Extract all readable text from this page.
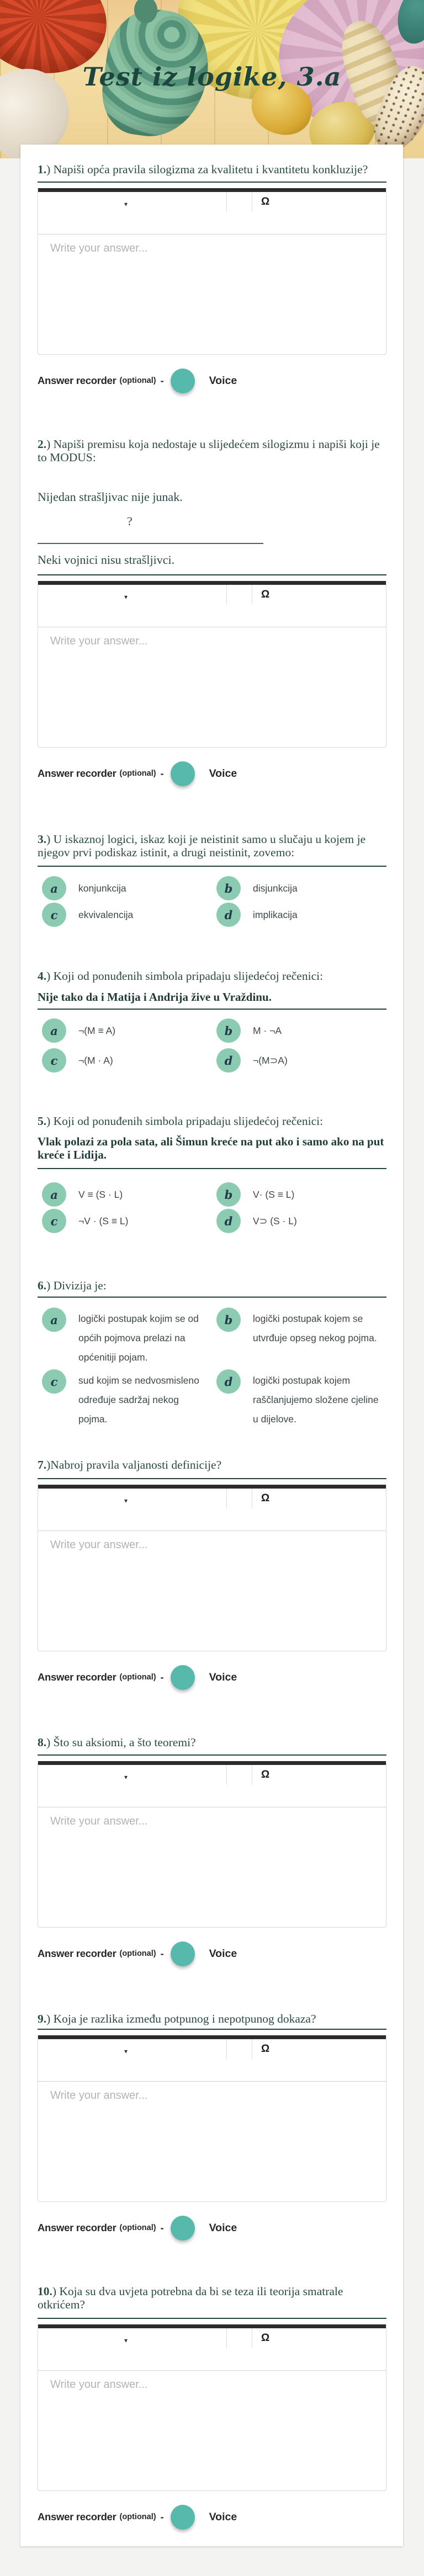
Test iz logike, 3.a
1.) Napiši opća pravila silogizma za kvalitetu i kvantitetu konkluzije?
▾	Ω
Write your answer...
Answer recorder (optional) -	Voice
2.) Napiši premisu koja nedostaje u slijedećem silogizmu i napiši koji je to MODUS:
Nijedan strašljivac nije junak.
?
Neki vojnici nisu strašljivci.
▾	Ω
Write your answer...
Answer recorder (optional) -	Voice
3.) U iskaznoj logici, iskaz koji je neistinit samo u slučaju u kojem je njegov prvi podiskaz istinit, a drugi neistinit, zovemo:
a konjunkcija	b disjunkcija
c ekvivalencija	d implikacija
4.) Koji od ponuđenih simbola pripadaju slijedećoj rečenici:
Nije tako da i Matija i Andrija žive u Vraždinu.
a ¬(M ≡ A)	b M · ¬A
c ¬(M · A)	d ¬(M⊃A)
5.) Koji od ponuđenih simbola pripadaju slijedećoj rečenici:
Vlak polazi za pola sata, ali Šimun kreće na put ako i samo ako na put kreće i Lidija.
a V ≡ (S · L)	b V· (S ≡ L)
c ¬V · (S ≡ L)	d V⊃ (S · L)
6.) Divizija je:
a logički postupak kojim se od općih pojmova prelazi na općenitiji pojam.
b logički postupak kojem se utvrđuje opseg nekog pojma.
c sud kojim se nedvosmisleno određuje sadržaj nekog pojma.
d logički postupak kojem raščlanjujemo složene cjeline u dijelove.
7.)Nabroj pravila valjanosti definicije?
▾	Ω
Write your answer...
Answer recorder (optional) -	Voice
8.) Što su aksiomi, a što teoremi?
▾	Ω
Write your answer...
Answer recorder (optional) -	Voice
9.) Koja je razlika između potpunog i nepotpunog dokaza?
▾	Ω
Write your answer...
Answer recorder (optional) -	Voice
10.) Koja su dva uvjeta potrebna da bi se teza ili teorija smatrale otkrićem?
▾	Ω
Write your answer...
Answer recorder (optional) -	Voice
